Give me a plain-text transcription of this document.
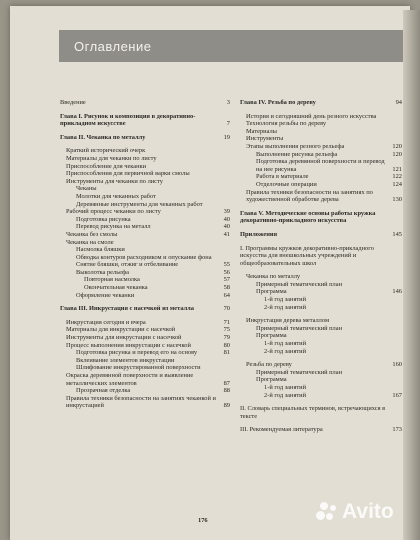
Оглавление
Введение	3
Глава I. Рисунок и композиция в декоративно-прикладном искусстве	7
Глава II. Чеканка по металлу	19
Краткий исторический очерк
Материалы для чеканки по листу
Приспособление для чеканки
Приспособления для первичной варки смолы
Инструменты для чеканки по листу
Чеканы
Молотки для чеканных работ
Деревянные инструменты для чеканных работ
Рабочий процесс чеканки по листу	39
Подготовка рисунка	40
Перевод рисунка на металл	40
Чеканка без смолы	41
Чеканка на смоле
Насмолка бляшки
Обводка контуров расходником и опускание фона
Снятие бляшки, отжиг и отбеливание	55
Выколотка рельефа	56
Повторная насмолка	57
Окончательная чеканка	58
Оформление чеканки	64
Глава III. Инкрустация с насечкой из металла	70
Инкрустация сегодня и вчера	71
Материалы для инкрустации с насечкой	75
Инструменты для инкрустации с насечкой	79
Процесс выполнения инкрустации с насечкой	80
Подготовка рисунка и перевод его на основу	81
Вклеивание элементов инкрустации
Шлифование инкрустированной поверхности
Окраска деревянной поверхности и выявление металлических элементов	87
Прозрачная отделка	88
Правила техники безопасности на занятиях чеканкой и инкрустацией	89
Глава IV. Резьба по дереву	94
История и сегодняшний день резного искусства
Технология резьбы по дереву
Материалы
Инструменты
Этапы выполнения резного рельефа	120
Выполнение рисунка рельефа	120
Подготовка деревянной поверхности и перевод на нее рисунка	121
Работа в материале	122
Отделочные операции	124
Правила техники безопасности на занятиях по художественной обработке дерева	130
Глава V. Методические основы работы кружка декоративно-прикладного искусства
Приложения	145
I. Программы кружков декоративно-прикладного искусства для внешкольных учреждений и общеобразовательных школ
Чеканка по металлу
Примерный тематический план
Программа	146
1-й год занятий
2-й год занятий
Инкрустация дерева металлом
Примерный тематический план
Программа
1-й год занятий
2-й год занятий
Резьба по дереву	160
Примерный тематический план
Программа
1-й год занятий
2-й год занятий	167
II. Словарь специальных терминов, встречающихся в тексте
III. Рекомендуемая литература	173
176	Avito
